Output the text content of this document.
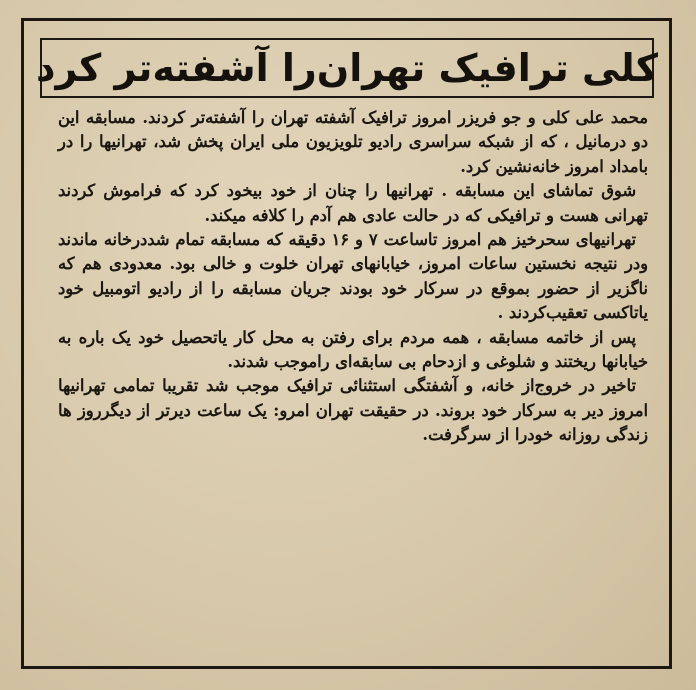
کلی ترافیک تهران‌را آشفته‌تر کرد

محمد علی کلی و جو فریزر امروز ترافیک آشفته تهران را آشفته‌تر کردند. مسابقه این دو درمانیل ، که از شبکه سراسری رادیو تلویزیون ملی ایران پخش شد، تهرانیها را در بامداد امروز خانه‌نشین کرد.

شوق تماشای این مسابقه . تهرانیها را چنان از خود بیخود کرد که فراموش کردند تهرانی هست و ترافیکی که در حالت عادی هم آدم را کلافه میکند.

تهرانیهای سحرخیز هم امروز تاساعت ۷ و ۱۶ دقیقه که مسابقه تمام شددرخانه ماندند ودر نتیجه نخستین ساعات امروز، خیابانهای تهران خلوت و خالی بود. معدودی هم که ناگزیر از حضور بموقع در سرکار خود بودند جریان مسابقه را از رادیو اتومبیل خود یاتاکسی تعقیب‌کردند .

پس از خاتمه مسابقه ، همه مردم برای رفتن به محل کار یاتحصیل خود یک باره به خیابانها ریختند و شلوغی و ازدحام بی سابقه‌ای راموجب شدند.

تاخیر در خروج‌از خانه، و آشفتگی استثنائی ترافیک موجب شد تقریبا تمامی تهرانیها امروز دیر به سرکار خود بروند. در حقیقت تهران امرو: یک ساعت دیرتر از دیگرروز ها زندگی روزانه خودرا از سرگرفت.
